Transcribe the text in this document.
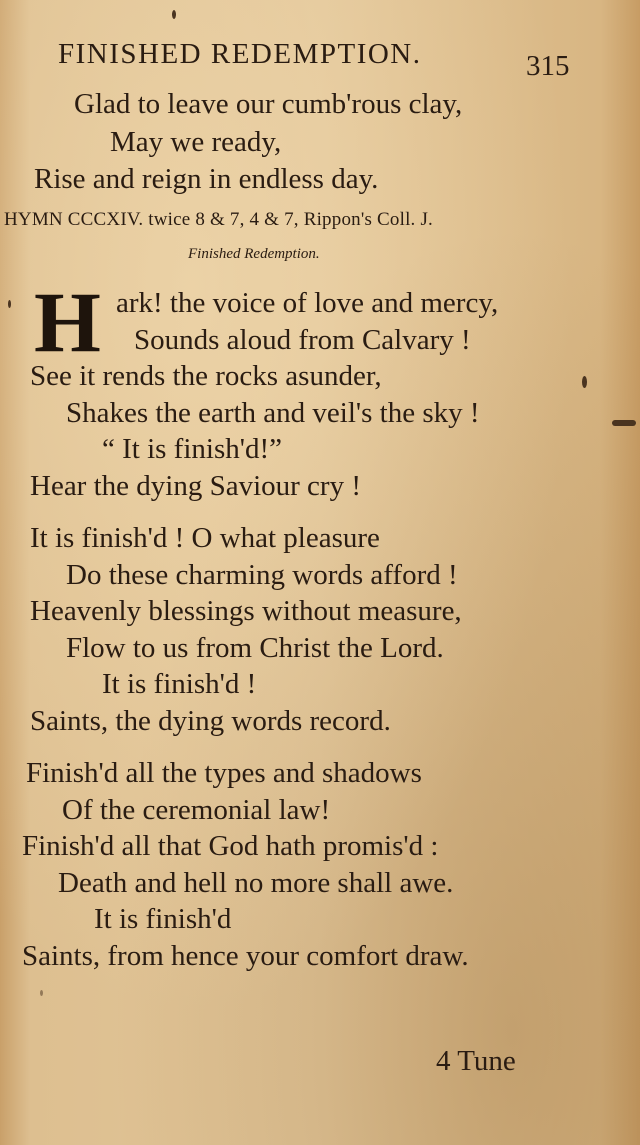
FINISHED REDEMPTION.	315
Glad to leave our cumb'rous clay,
May we ready,
Rise and reign in endless day.
HYMN CCCXIV. twice 8 & 7, 4 & 7, Rippon's Coll. J.
Finished Redemption.
H ark! the voice of love and mercy,
Sounds aloud from Calvary !
See it rends the rocks asunder,
Shakes the earth and veil's the sky !
“ It is finish'd!”
Hear the dying Saviour cry !
It is finish'd ! O what pleasure
Do these charming words afford !
Heavenly blessings without measure,
Flow to us from Christ the Lord.
It is finish'd !
Saints, the dying words record.
Finish'd all the types and shadows
Of the ceremonial law!
Finish'd all that God hath promis'd :
Death and hell no more shall awe.
It is finish'd
Saints, from hence your comfort draw.
4 Tune
